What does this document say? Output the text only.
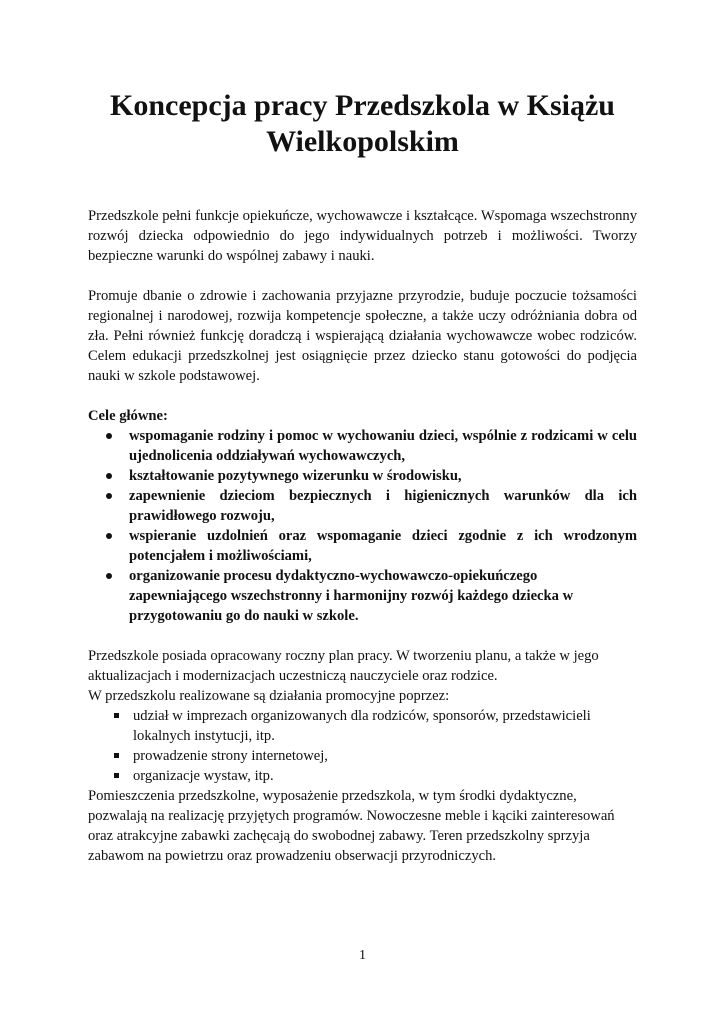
Koncepcja pracy Przedszkola w Książu
Wielkopolskim

Przedszkole pełni funkcje opiekuńcze, wychowawcze i kształcące. Wspomaga wszechstronny rozwój dziecka odpowiednio do jego indywidualnych potrzeb i możliwości. Tworzy bezpieczne warunki do wspólnej zabawy i nauki.

Promuje dbanie o zdrowie i zachowania przyjazne przyrodzie, buduje poczucie tożsamości regionalnej i narodowej, rozwija kompetencje społeczne, a także uczy odróżniania dobra od zła. Pełni również funkcję doradczą i wspierającą działania wychowawcze wobec rodziców. Celem edukacji przedszkolnej jest osiągnięcie przez dziecko stanu gotowości do podjęcia nauki w szkole podstawowej.

Cele główne:
wspomaganie rodziny i pomoc w wychowaniu dzieci, wspólnie z rodzicami w celu ujednolicenia oddziaływań wychowawczych,
kształtowanie pozytywnego wizerunku w środowisku,
zapewnienie dzieciom bezpiecznych i higienicznych warunków dla ich prawidłowego rozwoju,
wspieranie uzdolnień oraz wspomaganie dzieci zgodnie z ich wrodzonym potencjałem i możliwościami,
organizowanie procesu dydaktyczno-wychowawczo-opiekuńczego zapewniającego wszechstronny i harmonijny rozwój każdego dziecka w przygotowaniu go do nauki w szkole.

Przedszkole posiada opracowany roczny plan pracy. W tworzeniu planu, a także w jego aktualizacjach i modernizacjach uczestniczą nauczyciele oraz rodzice.

W przedszkolu realizowane są działania promocyjne poprzez:

udział w imprezach organizowanych dla rodziców, sponsorów, przedstawicieli lokalnych instytucji, itp.
prowadzenie strony internetowej,
organizacje wystaw, itp.

Pomieszczenia przedszkolne, wyposażenie przedszkola, w tym środki dydaktyczne, pozwalają na realizację przyjętych programów. Nowoczesne meble i kąciki zainteresowań oraz atrakcyjne zabawki zachęcają do swobodnej zabawy. Teren przedszkolny sprzyja zabawom na powietrzu oraz prowadzeniu obserwacji przyrodniczych.

1
